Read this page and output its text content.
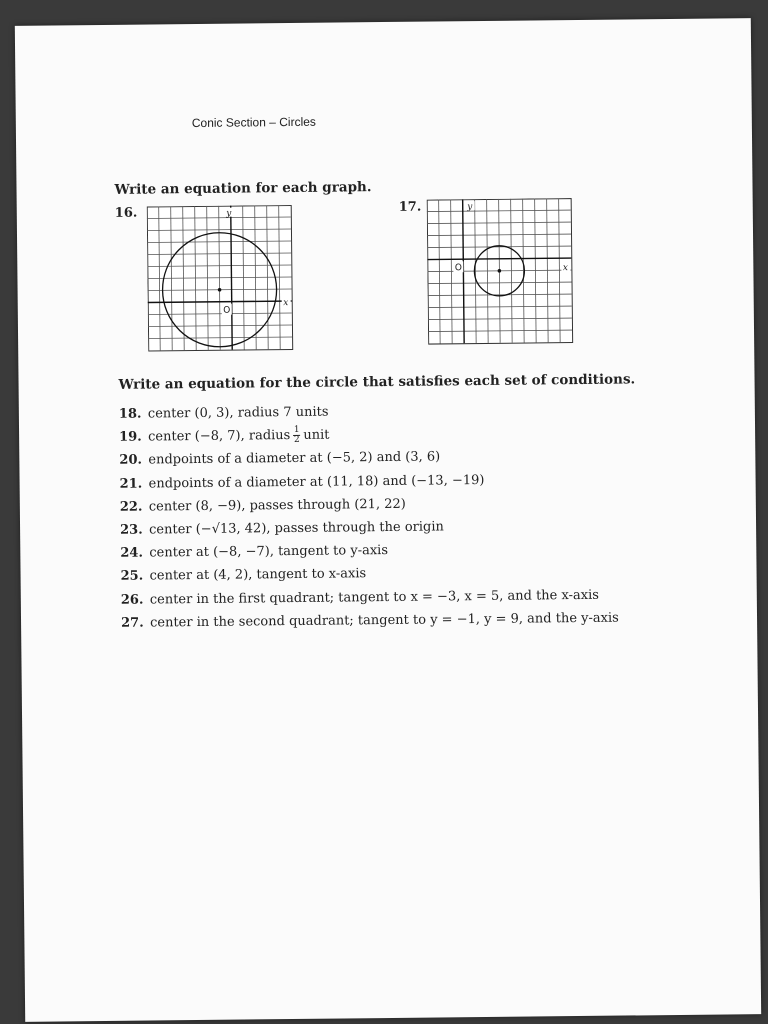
Conic Section – Circles
Write an equation for each graph.
16.	y
x
O
17.	y
x
O
Write an equation for the circle that satisfies each set of conditions.
18. center (0, 3), radius 7 units
19. center (−8, 7), radius $\frac{1}{2}$ unit
20. endpoints of a diameter at (−5, 2) and (3, 6)
21. endpoints of a diameter at (11, 18) and (−13, −19)
22. center (8, −9), passes through (21, 22)
23. center (−√13, 42), passes through the origin
24. center at (−8, −7), tangent to y-axis
25. center at (4, 2), tangent to x-axis
26. center in the first quadrant; tangent to x = −3, x = 5, and the x-axis
27. center in the second quadrant; tangent to y = −1, y = 9, and the y-axis
